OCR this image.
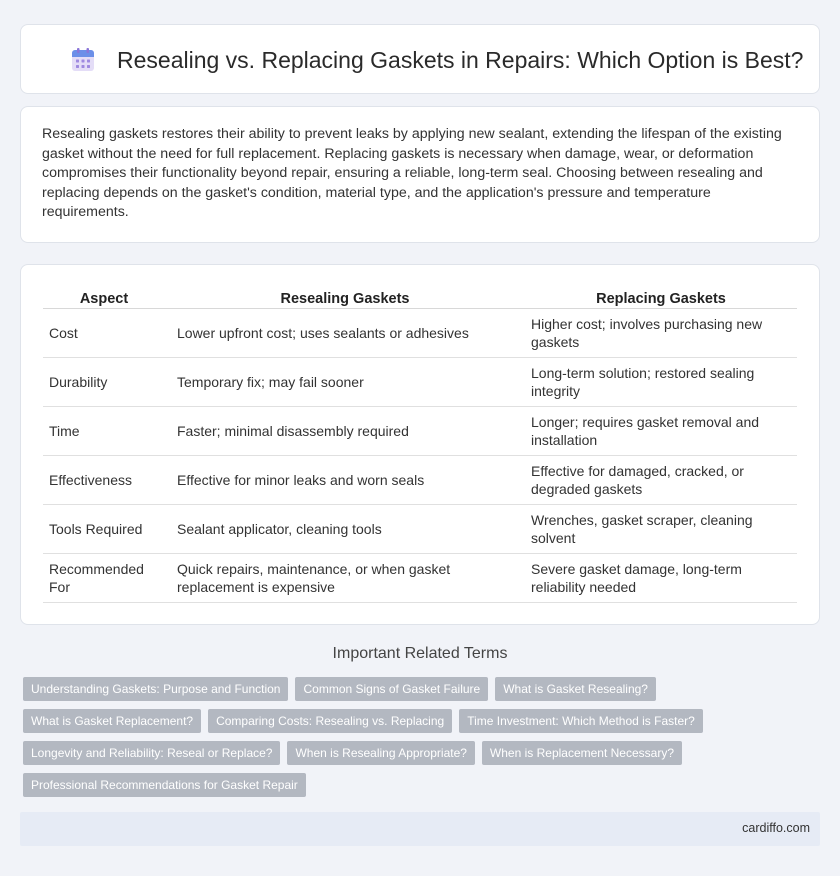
Resealing vs. Replacing Gaskets in Repairs: Which Option is Best?

Resealing gaskets restores their ability to prevent leaks by applying new sealant, extending the lifespan of the existing gasket without the need for full replacement. Replacing gaskets is necessary when damage, wear, or deformation compromises their functionality beyond repair, ensuring a reliable, long-term seal. Choosing between resealing and replacing depends on the gasket's condition, material type, and the application's pressure and temperature requirements.

Aspect	Resealing Gaskets	Replacing Gaskets
Cost	Lower upfront cost; uses sealants or adhesives	Higher cost; involves purchasing new gaskets
Durability	Temporary fix; may fail sooner	Long-term solution; restored sealing integrity
Time	Faster; minimal disassembly required	Longer; requires gasket removal and installation
Effectiveness	Effective for minor leaks and worn seals	Effective for damaged, cracked, or degraded gaskets
Tools Required	Sealant applicator, cleaning tools	Wrenches, gasket scraper, cleaning solvent
Recommended For	Quick repairs, maintenance, or when gasket replacement is expensive	Severe gasket damage, long-term reliability needed
Important Related Terms
Understanding Gaskets: Purpose and Function	Common Signs of Gasket Failure	What is Gasket Resealing?
What is Gasket Replacement?	Comparing Costs: Resealing vs. Replacing	Time Investment: Which Method is Faster?
Longevity and Reliability: Reseal or Replace?	When is Resealing Appropriate?	When is Replacement Necessary?
Professional Recommendations for Gasket Repair
cardiffo.com
